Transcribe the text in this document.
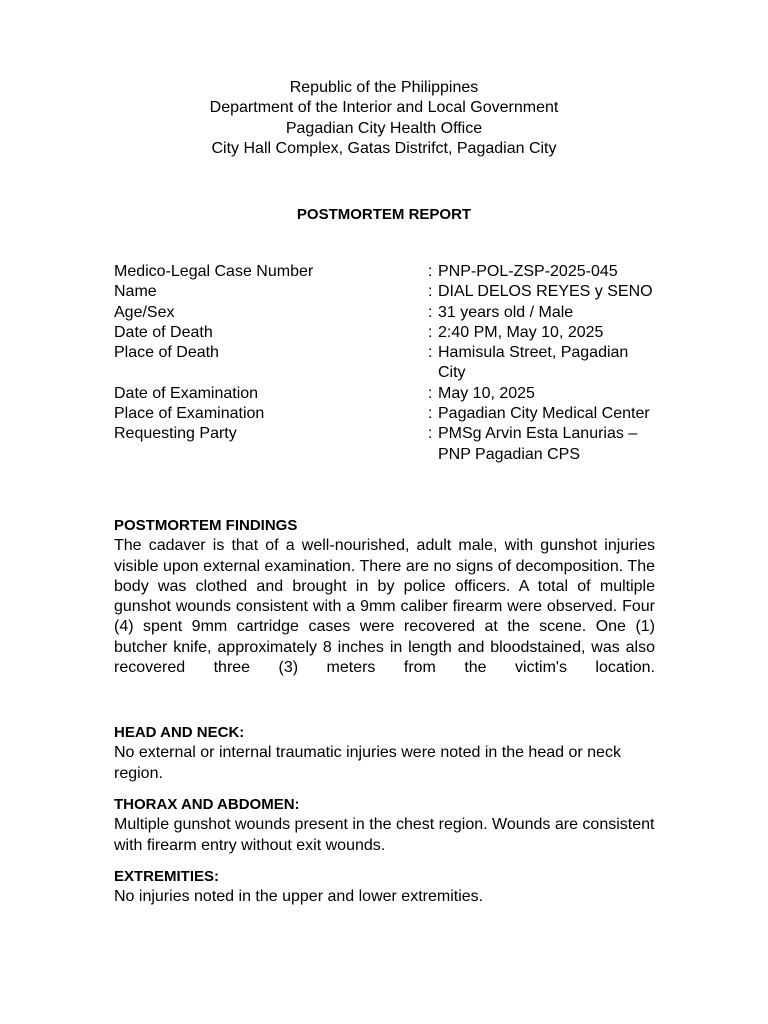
Republic of the Philippines
Department of the Interior and Local Government
Pagadian City Health Office
City Hall Complex, Gatas Distrifct, Pagadian City
POSTMORTEM REPORT
Medico-Legal Case Number	: PNP-POL-ZSP-2025-045
Name	: DIAL DELOS REYES y SENO
Age/Sex	: 31 years old / Male
Date of Death	: 2:40 PM, May 10, 2025
Place of Death	: Hamisula Street, Pagadian City
Date of Examination	: May 10, 2025
Place of Examination	: Pagadian City Medical Center
Requesting Party	: PMSg Arvin Esta Lanurias – PNP Pagadian CPS
POSTMORTEM FINDINGS
The cadaver is that of a well-nourished, adult male, with gunshot injuries visible upon external examination. There are no signs of decomposition. The body was clothed and brought in by police officers. A total of multiple gunshot wounds consistent with a 9mm caliber firearm were observed. Four (4) spent 9mm cartridge cases were recovered at the scene. One (1) butcher knife, approximately 8 inches in length and bloodstained, was also recovered three (3) meters from the victim's location.
HEAD AND NECK:
No external or internal traumatic injuries were noted in the head or neck region.
THORAX AND ABDOMEN:
Multiple gunshot wounds present in the chest region. Wounds are consistent with firearm entry without exit wounds.
EXTREMITIES:
No injuries noted in the upper and lower extremities.
